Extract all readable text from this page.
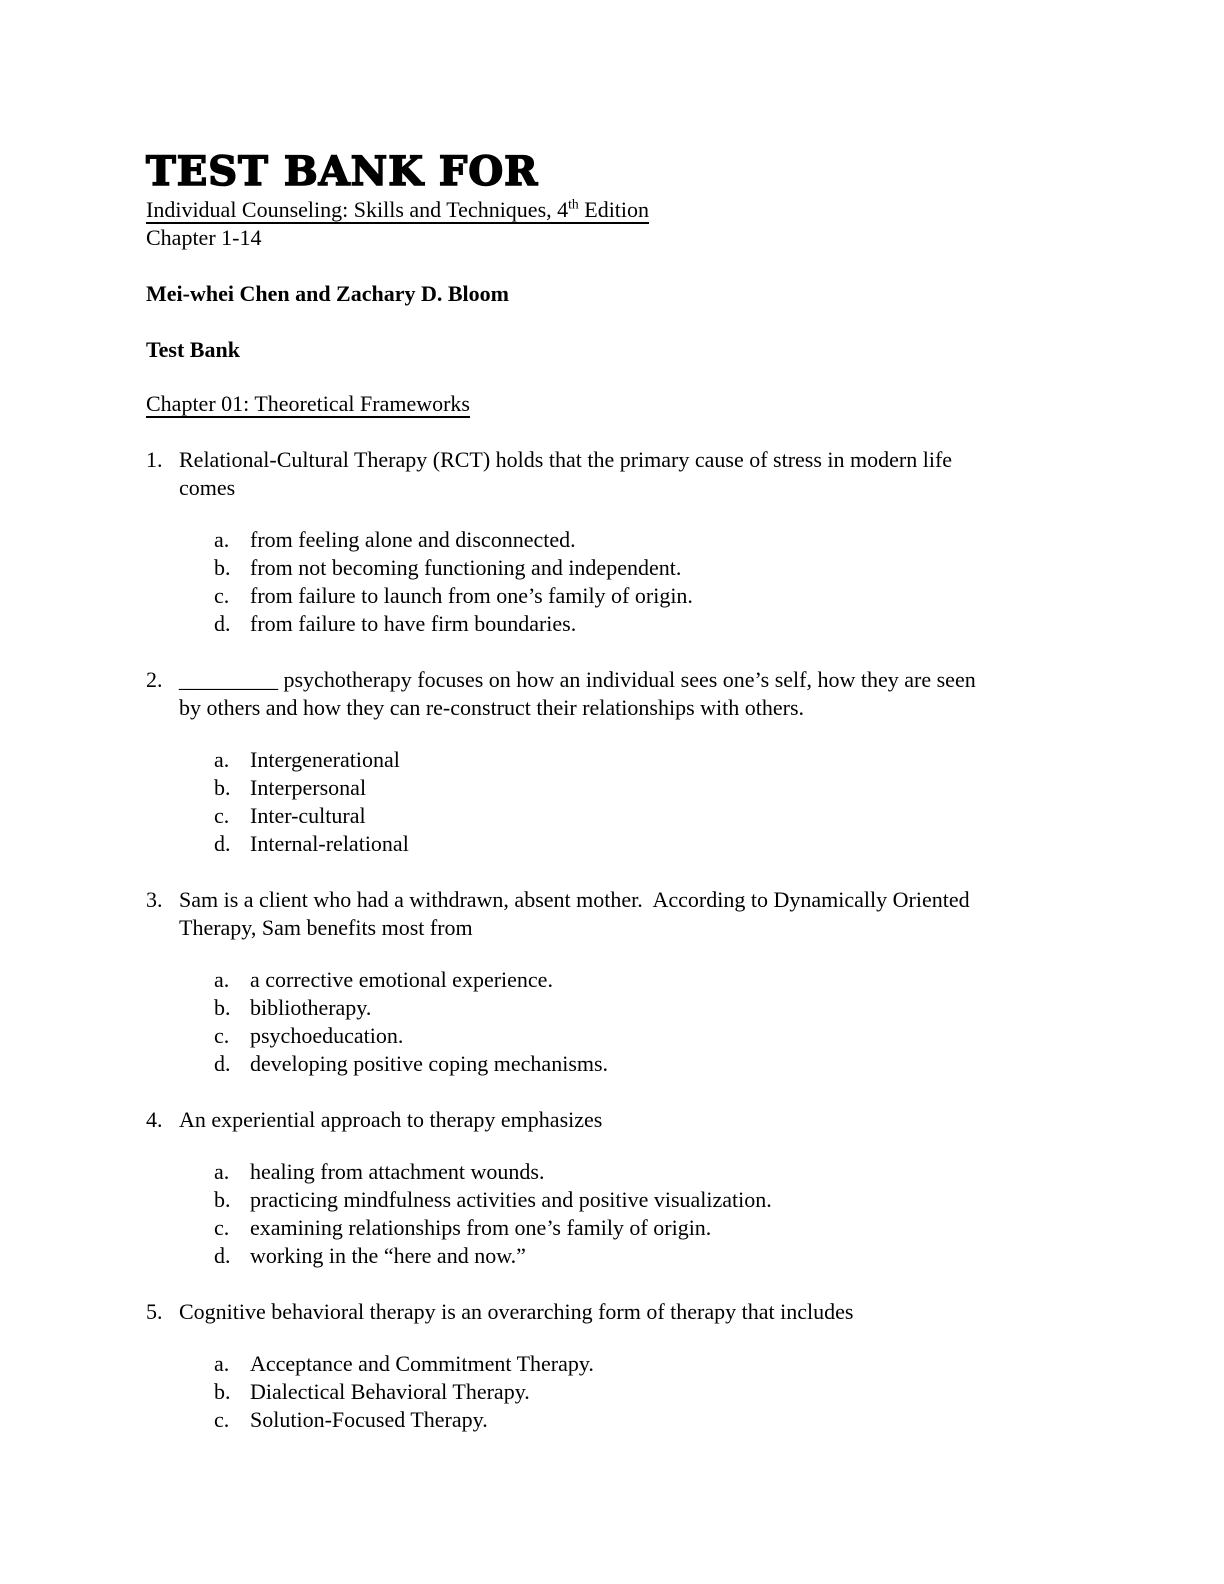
TEST BANK FOR
Individual Counseling: Skills and Techniques, 4th Edition
Chapter 1-14
Mei-whei Chen and Zachary D. Bloom
Test Bank
Chapter 01: Theoretical Frameworks
1. Relational-Cultural Therapy (RCT) holds that the primary cause of stress in modern life
comes
a. from feeling alone and disconnected.
b. from not becoming functioning and independent.
c. from failure to launch from one’s family of origin.
d. from failure to have firm boundaries.
2. _________ psychotherapy focuses on how an individual sees one’s self, how they are seen
by others and how they can re-construct their relationships with others.
a. Intergenerational
b. Interpersonal
c. Inter-cultural
d. Internal-relational
3. Sam is a client who had a withdrawn, absent mother.  According to Dynamically Oriented
Therapy, Sam benefits most from
a. a corrective emotional experience.
b. bibliotherapy.
c. psychoeducation.
d. developing positive coping mechanisms.
4. An experiential approach to therapy emphasizes
a. healing from attachment wounds.
b. practicing mindfulness activities and positive visualization.
c. examining relationships from one’s family of origin.
d. working in the “here and now.”
5. Cognitive behavioral therapy is an overarching form of therapy that includes
a. Acceptance and Commitment Therapy.
b. Dialectical Behavioral Therapy.
c. Solution-Focused Therapy.
